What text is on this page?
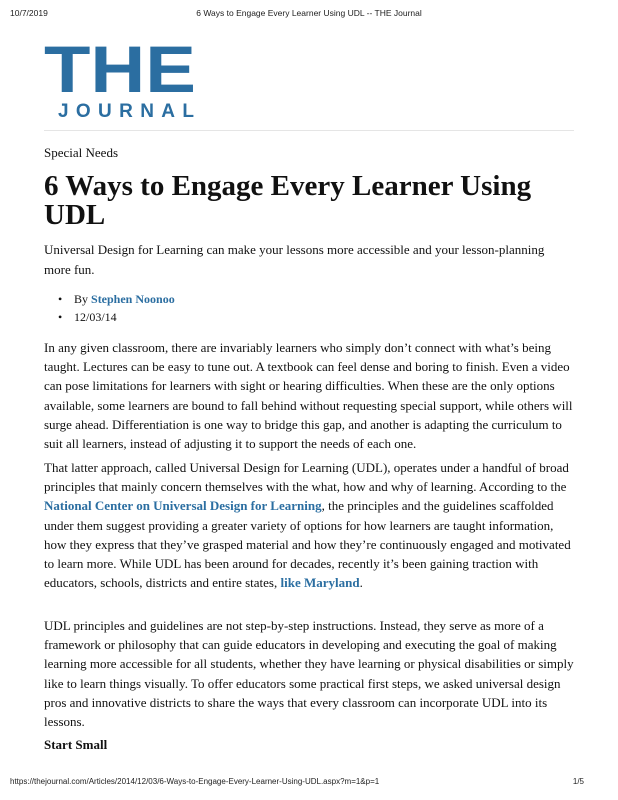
10/7/2019	6 Ways to Engage Every Learner Using UDL -- THE Journal
THE
JOURNAL
Special Needs
6 Ways to Engage Every Learner Using UDL

Universal Design for Learning can make your lessons more accessible and your lesson-planning more fun.

• By Stephen Noonoo
• 12/03/14

In any given classroom, there are invariably learners who simply don’t connect with what’s being taught. Lectures can be easy to tune out. A textbook can feel dense and boring to finish. Even a video can pose limitations for learners with sight or hearing difficulties. When these are the only options available, some learners are bound to fall behind without requesting special support, while others will surge ahead. Differentiation is one way to bridge this gap, and another is adapting the curriculum to suit all learners, instead of adjusting it to support the needs of each one.

That latter approach, called Universal Design for Learning (UDL), operates under a handful of broad principles that mainly concern themselves with the what, how and why of learning. According to the National Center on Universal Design for Learning, the principles and the guidelines scaffolded under them suggest providing a greater variety of options for how learners are taught information, how they express that they’ve grasped material and how they’re continuously engaged and motivated to learn more. While UDL has been around for decades, recently it’s been gaining traction with educators, schools, districts and entire states, like Maryland.

UDL principles and guidelines are not step-by-step instructions. Instead, they serve as more of a framework or philosophy that can guide educators in developing and executing the goal of making learning more accessible for all students, whether they have learning or physical disabilities or simply like to learn things visually. To offer educators some practical first steps, we asked universal design pros and innovative districts to share the ways that every classroom can incorporate UDL into its lessons.

Start Small
https://thejournal.com/Articles/2014/12/03/6-Ways-to-Engage-Every-Learner-Using-UDL.aspx?m=1&p=1	1/5
